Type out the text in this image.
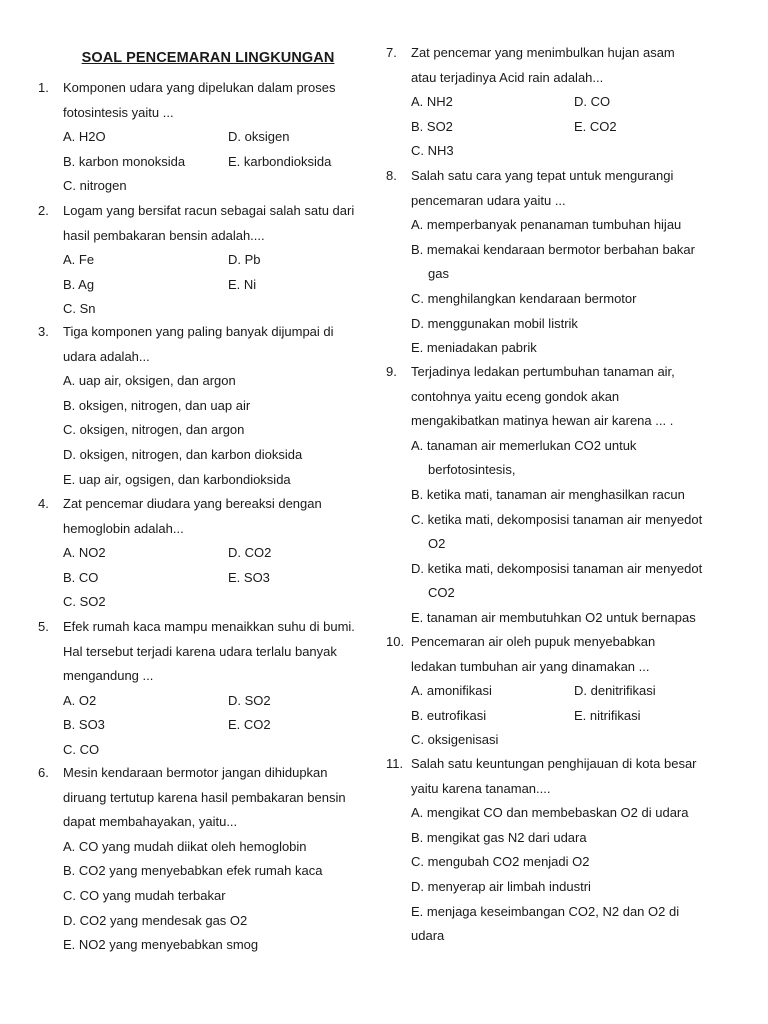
SOAL PENCEMARAN LINGKUNGAN
1.	Komponen udara yang dipelukan dalam proses
fotosintesis yaitu ...
A. H2O	D. oksigen
B. karbon monoksida	E. karbondioksida
C. nitrogen
2.	Logam yang bersifat racun sebagai salah satu dari
hasil pembakaran bensin adalah....
A. Fe	D. Pb
B. Ag	E. Ni
C. Sn
3.	Tiga komponen yang paling banyak dijumpai di
udara adalah...
A. uap air, oksigen, dan argon
B. oksigen, nitrogen, dan uap air
C. oksigen, nitrogen, dan argon
D. oksigen, nitrogen, dan karbon dioksida
E. uap air, ogsigen, dan karbondioksida
4.	Zat pencemar diudara yang bereaksi dengan
hemoglobin adalah...
A. NO2	D. CO2
B. CO	E. SO3
C. SO2
5.	Efek rumah kaca mampu menaikkan suhu di bumi.
Hal tersebut terjadi karena udara terlalu banyak
mengandung ...
A. O2	D. SO2
B. SO3	E. CO2
C. CO
6.	Mesin kendaraan bermotor jangan dihidupkan
diruang tertutup karena hasil pembakaran bensin
dapat membahayakan, yaitu...
A. CO yang mudah diikat oleh hemoglobin
B. CO2 yang menyebabkan efek rumah kaca
C. CO yang mudah terbakar
D. CO2 yang mendesak gas O2
E. NO2 yang menyebabkan smog
7.	Zat pencemar yang menimbulkan hujan asam
atau terjadinya Acid rain adalah...
A. NH2	D. CO
B. SO2	E. CO2
C. NH3
8.	Salah satu cara yang tepat untuk mengurangi
pencemaran udara yaitu ...
A. memperbanyak penanaman tumbuhan hijau
B. memakai kendaraan bermotor berbahan bakar
gas
C. menghilangkan kendaraan bermotor
D. menggunakan mobil listrik
E. meniadakan pabrik
9.	Terjadinya ledakan pertumbuhan tanaman air,
contohnya yaitu eceng gondok akan
mengakibatkan matinya hewan air karena ... .
A. tanaman air memerlukan CO2 untuk
berfotosintesis,
B. ketika mati, tanaman air menghasilkan racun
C. ketika mati, dekomposisi tanaman air menyedot
O2
D. ketika mati, dekomposisi tanaman air menyedot
CO2
E. tanaman air membutuhkan O2 untuk bernapas
10. Pencemaran air oleh pupuk menyebabkan
ledakan tumbuhan air yang dinamakan ...
A. amonifikasi	D. denitrifikasi
B. eutrofikasi	E. nitrifikasi
C. oksigenisasi
11. Salah satu keuntungan penghijauan di kota besar
yaitu karena tanaman....
A. mengikat CO dan membebaskan O2 di udara
B. mengikat gas N2 dari udara
C. mengubah CO2 menjadi O2
D. menyerap air limbah industri
E. menjaga keseimbangan CO2, N2 dan O2 di
udara
